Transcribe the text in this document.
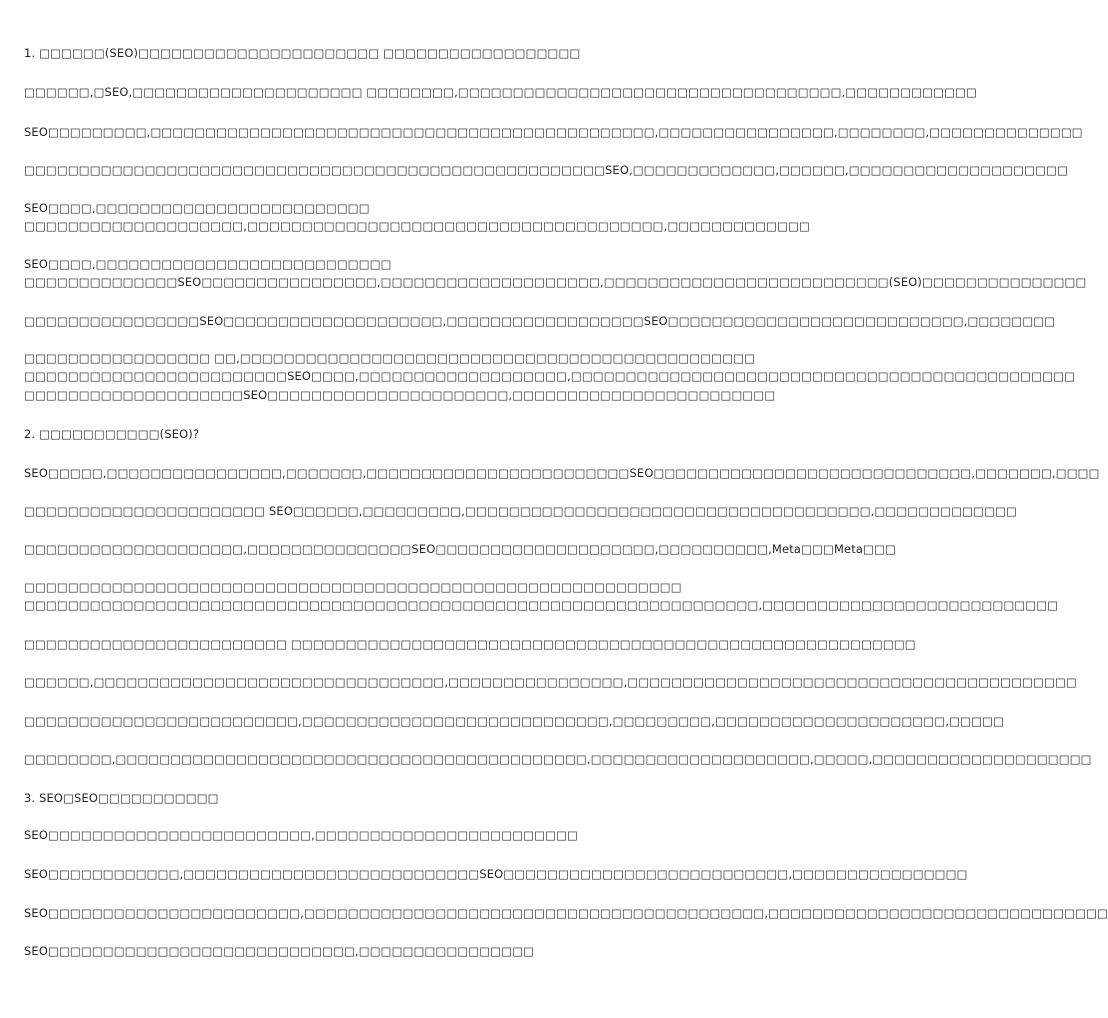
1. □□□□□□(SEO)□□□□□□□□□□□□□□□□□□□□□□ □□□□□□□□□□□□□□□□□□
□□□□□□,□SEO,□□□□□□□□□□□□□□□□□□□□□ □□□□□□□□,□□□□□□□□□□□□□□□□□□□□□□□□□□□□□□□□□□□,□□□□□□□□□□□□
SEO□□□□□□□□□,□□□□□□□□□□□□□□□□□□□□□□□□□□□□□□□□□□□□□□□□□□□□□□,□□□□□□□□□□□□□□□□,□□□□□□□□,□□□□□□□□□□□□□□
□□□□□□□□□□□□□□□□□□□□□□□□□□□□□□□□□□□□□□□□□□□□□□□□□□□□□SEO,□□□□□□□□□□□□□,□□□□□□,□□□□□□□□□□□□□□□□□□□□
SEO□□□□,□□□□□□□□□□□□□□□□□□□□□□□□□
□□□□□□□□□□□□□□□□□□□□,□□□□□□□□□□□□□□□□□□□□□□□□□□□□□□□□□□□□□□,□□□□□□□□□□□□□
SEO□□□□,□□□□□□□□□□□□□□□□□□□□□□□□□□□
□□□□□□□□□□□□□□SEO□□□□□□□□□□□□□□□□,□□□□□□□□□□□□□□□□□□□□,□□□□□□□□□□□□□□□□□□□□□□□□□□(SEO)□□□□□□□□□□□□□□□
□□□□□□□□□□□□□□□□SEO□□□□□□□□□□□□□□□□□□□□,□□□□□□□□□□□□□□□□□□SEO□□□□□□□□□□□□□□□□□□□□□□□□□□□,□□□□□□□□
□□□□□□□□□□□□□□□□□ □□,□□□□□□□□□□□□□□□□□□□□□□□□□□□□□□□□□□□□□□□□□□□□□□□
□□□□□□□□□□□□□□□□□□□□□□□□SEO□□□□,□□□□□□□□□□□□□□□□□□□,□□□□□□□□□□□□□□□□□□□□□□□□□□□□□□□□□□□□□□□□□□□□□□
□□□□□□□□□□□□□□□□□□□□SEO□□□□□□□□□□□□□□□□□□□□□□,□□□□□□□□□□□□□□□□□□□□□□□□
2. □□□□□□□□□□□(SEO)?
SEO□□□□□,□□□□□□□□□□□□□□□□,□□□□□□□,□□□□□□□□□□□□□□□□□□□□□□□□SEO□□□□□□□□□□□□□□□□□□□□□□□□□□□□□,□□□□□□□,□□□□
□□□□□□□□□□□□□□□□□□□□□□ SEO□□□□□□,□□□□□□□□□,□□□□□□□□□□□□□□□□□□□□□□□□□□□□□□□□□□□□□,□□□□□□□□□□□□□
□□□□□□□□□□□□□□□□□□□□,□□□□□□□□□□□□□□□SEO□□□□□□□□□□□□□□□□□□□□,□□□□□□□□□□,Meta□□□Meta□□□
□□□□□□□□□□□□□□□□□□□□□□□□□□□□□□□□□□□□□□□□□□□□□□□□□□□□□□□□□□□□
□□□□□□□□□□□□□□□□□□□□□□□□□□□□□□□□□□□□□□□□□□□□□□□□□□□□□□□□□□□□□□□□□□□,□□□□□□□□□□□□□□□□□□□□□□□□□□□
□□□□□□□□□□□□□□□□□□□□□□□□ □□□□□□□□□□□□□□□□□□□□□□□□□□□□□□□□□□□□□□□□□□□□□□□□□□□□□□□□□
□□□□□□,□□□□□□□□□□□□□□□□□□□□□□□□□□□□□□□□,□□□□□□□□□□□□□□□□,□□□□□□□□□□□□□□□□□□□□□□□□□□□□□□□□□□□□□□□□□
□□□□□□□□□□□□□□□□□□□□□□□□□,□□□□□□□□□□□□□□□□□□□□□□□□□□□□,□□□□□□□□□,□□□□□□□□□□□□□□□□□□□□□,□□□□□
□□□□□□□□,□□□□□□□□□□□□□□□□□□□□□□□□□□□□□□□□□□□□□□□□□□□,□□□□□□□□□□□□□□□□□□□□,□□□□□,□□□□□□□□□□□□□□□□□□□□
3. SEO□SEO□□□□□□□□□□□
SEO□□□□□□□□□□□□□□□□□□□□□□□□,□□□□□□□□□□□□□□□□□□□□□□□□
SEO□□□□□□□□□□□□,□□□□□□□□□□□□□□□□□□□□□□□□□□□SEO□□□□□□□□□□□□□□□□□□□□□□□□□□,□□□□□□□□□□□□□□□□
SEO□□□□□□□□□□□□□□□□□□□□□□□,□□□□□□□□□□□□□□□□□□□□□□□□□□□□□□□□□□□□□□□□□□,□□□□□□□□□□□□□□□□□□□□□□□□□□□□□□□
SEO□□□□□□□□□□□□□□□□□□□□□□□□□□□□,□□□□□□□□□□□□□□□□
